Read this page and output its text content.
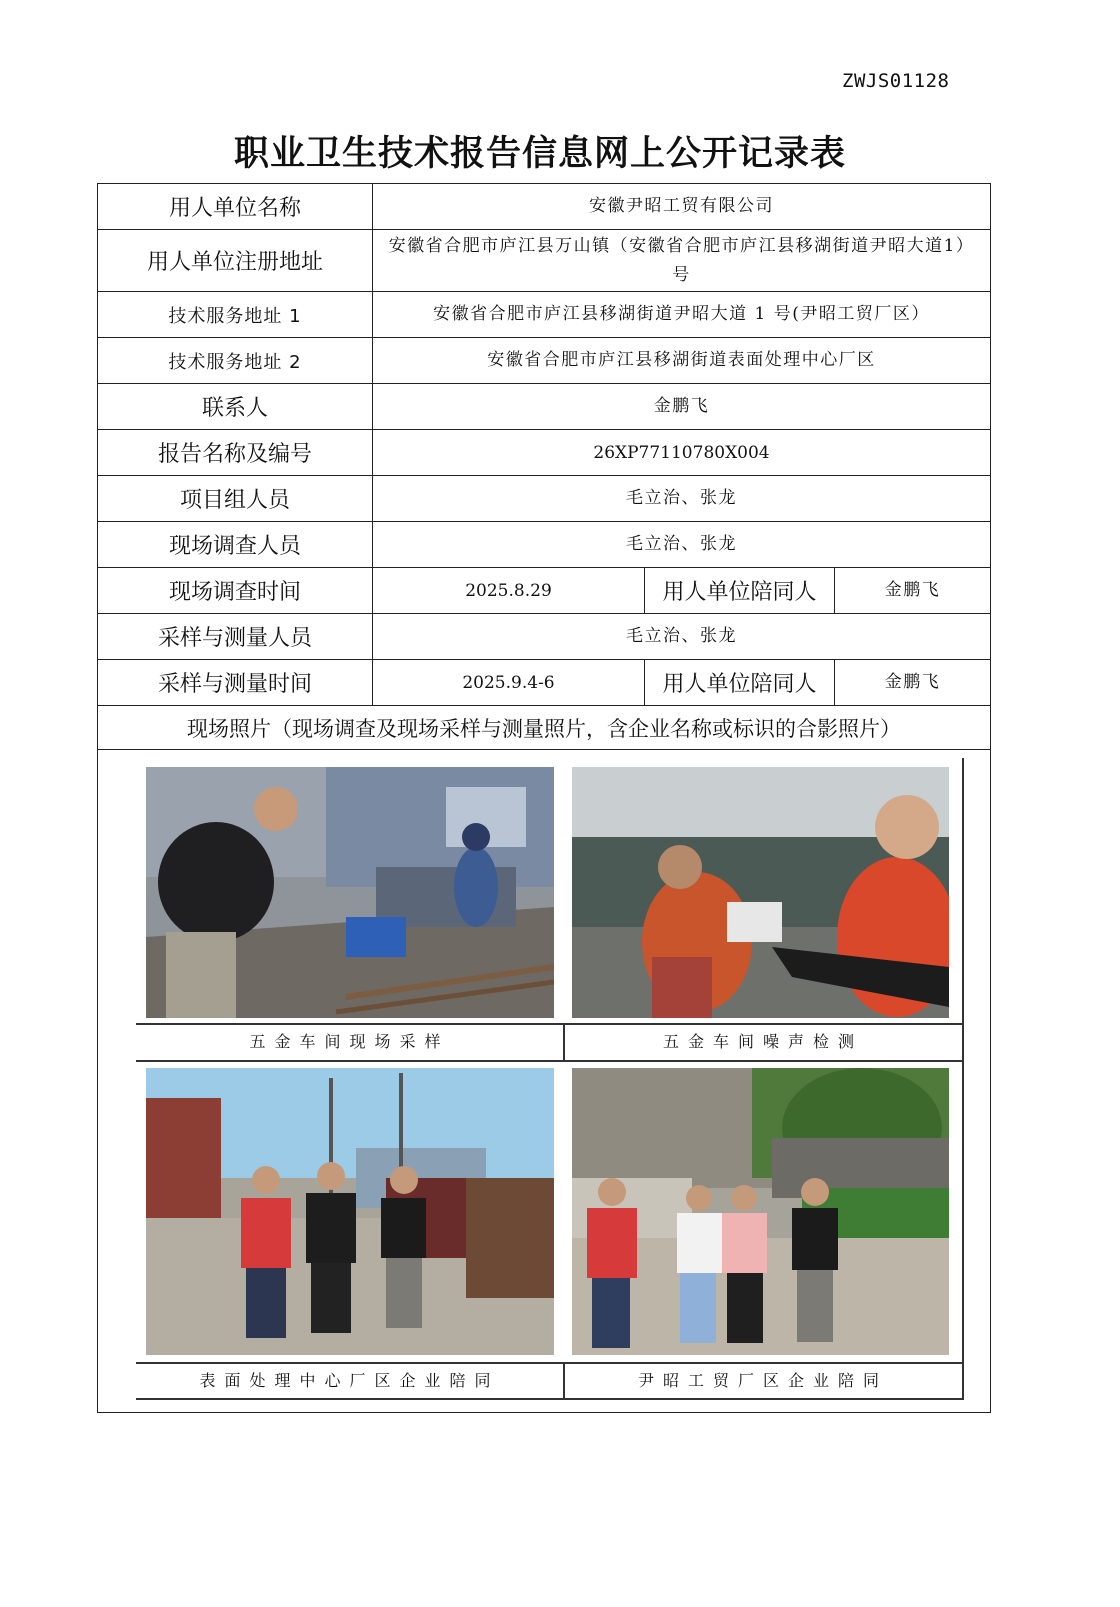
ZWJS01128
职业卫生技术报告信息网上公开记录表
用人单位名称	安徽尹昭工贸有限公司		
用人单位注册地址	安徽省合肥市庐江县万山镇（安徽省合肥市庐江县移湖街道尹昭大道1）号		
技术服务地址 1	安徽省合肥市庐江县移湖街道尹昭大道 1 号(尹昭工贸厂区）		
技术服务地址 2	安徽省合肥市庐江县移湖街道表面处理中心厂区		
联系人	金鹏飞		
报告名称及编号	26XP77110780X004		
项目组人员	毛立治、张龙		
现场调查人员	毛立治、张龙		
现场调查时间	2025.8.29	用人单位陪同人	金鹏飞
采样与测量人员	毛立治、张龙		
采样与测量时间	2025.9.4-6	用人单位陪同人	金鹏飞
现场照片（现场调查及现场采样与测量照片，含企业名称或标识的合影照片）			

五金车间现场采样 五金车间噪声检测
表面处理中心厂区企业陪同 尹昭工贸厂区企业陪同			
